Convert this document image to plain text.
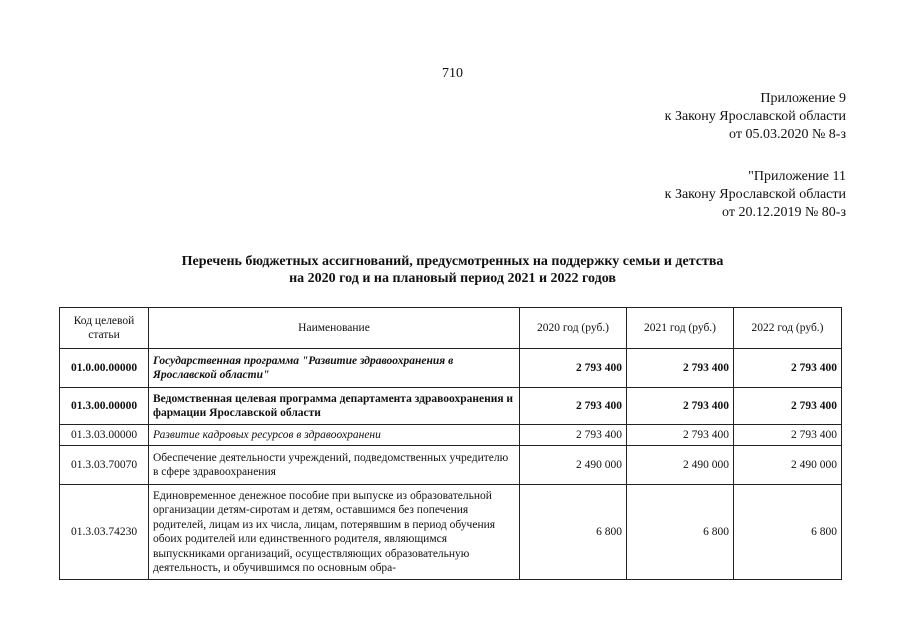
710
Приложение 9
к Закону Ярославской области
от 05.03.2020 № 8-з
"Приложение 11
к Закону Ярославской области
от 20.12.2019 № 80-з
Перечень бюджетных ассигнований, предусмотренных на поддержку семьи и детства
на 2020 год и на плановый период 2021 и 2022 годов
Код целевой статьи	Наименование	2020 год (руб.)	2021 год (руб.)	2022 год (руб.)
01.0.00.00000	Государственная программа "Развитие здравоохранения в Ярославской области"	2 793 400	2 793 400	2 793 400
01.3.00.00000	Ведомственная целевая программа департамента здравоохранения и фармации Ярославской области	2 793 400	2 793 400	2 793 400
01.3.03.00000	Развитие кадровых ресурсов в здравоохранени	2 793 400	2 793 400	2 793 400
01.3.03.70070	Обеспечение деятельности учреждений, подведомственных учредителю в сфере здравоохранения	2 490 000	2 490 000	2 490 000
01.3.03.74230	Единовременное денежное пособие при выпуске из образовательной организации детям-сиротам и детям, оставшимся без попечения родителей, лицам из их числа, лицам, потерявшим в период обучения обоих родителей или единственного родителя, являющимся выпускниками организаций, осуществляющих образовательную деятельность, и обучившимся по основным обра-	6 800	6 800	6 800
